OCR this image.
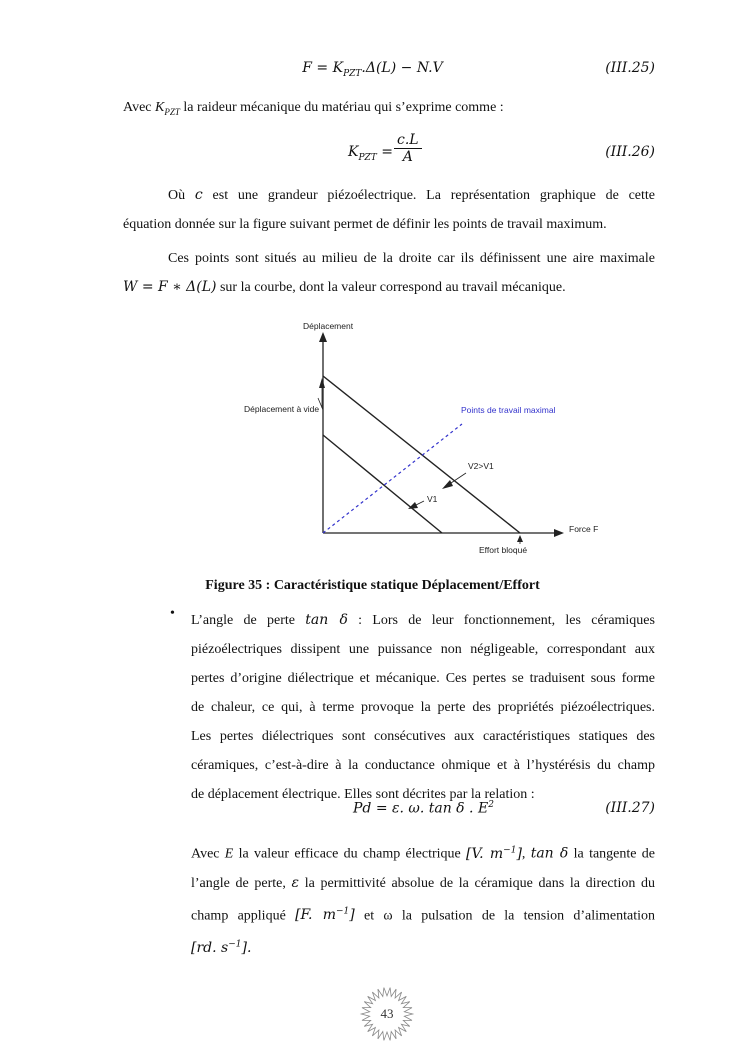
$F = K_{PZT}.\Delta(L) - N.V$	(III.25)
Avec $K_{PZT}$ la raideur mécanique du matériau qui s’exprime comme :
$K_{PZT} = \frac{c.L}{A}$	(III.26)
Où c est une grandeur piézoélectrique. La représentation graphique de cette
équation donnée sur la figure suivant permet de définir les points de travail maximum.
Ces points sont situés au milieu de la droite car ils définissent une aire maximale
W = F ∗ Δ(L) sur la courbe, dont la valeur correspond au travail mécanique.
Déplacement
Force F
Déplacement à vide	Points de travail maximal
V2>V1
V1
Effort bloqué
Figure 35 : Caractéristique statique Déplacement/Effort
• L’angle de perte tan δ : Lors de leur fonctionnement, les céramiques
piézoélectriques dissipent une puissance non négligeable, correspondant aux
pertes d’origine diélectrique et mécanique. Ces pertes se traduisent sous forme
de chaleur, ce qui, à terme provoque la perte des propriétés piézoélectriques.
Les pertes diélectriques sont consécutives aux caractéristiques statiques des
céramiques, c’est-à-dire à la conductance ohmique et à l’hystérésis du champ
de déplacement électrique. Elles sont décrites par la relation :
Pd = ε. ω. tan δ . $E^2$	(III.27)
Avec E la valeur efficace du champ électrique [V. $m^{-1}$], tan δ la tangente de
l’angle de perte, ε la permittivité absolue de la céramique dans la direction du
champ appliqué [F. $m^{-1}$] et ω la pulsation de la tension d’alimentation
[rd. $s^{-1}$].
43
